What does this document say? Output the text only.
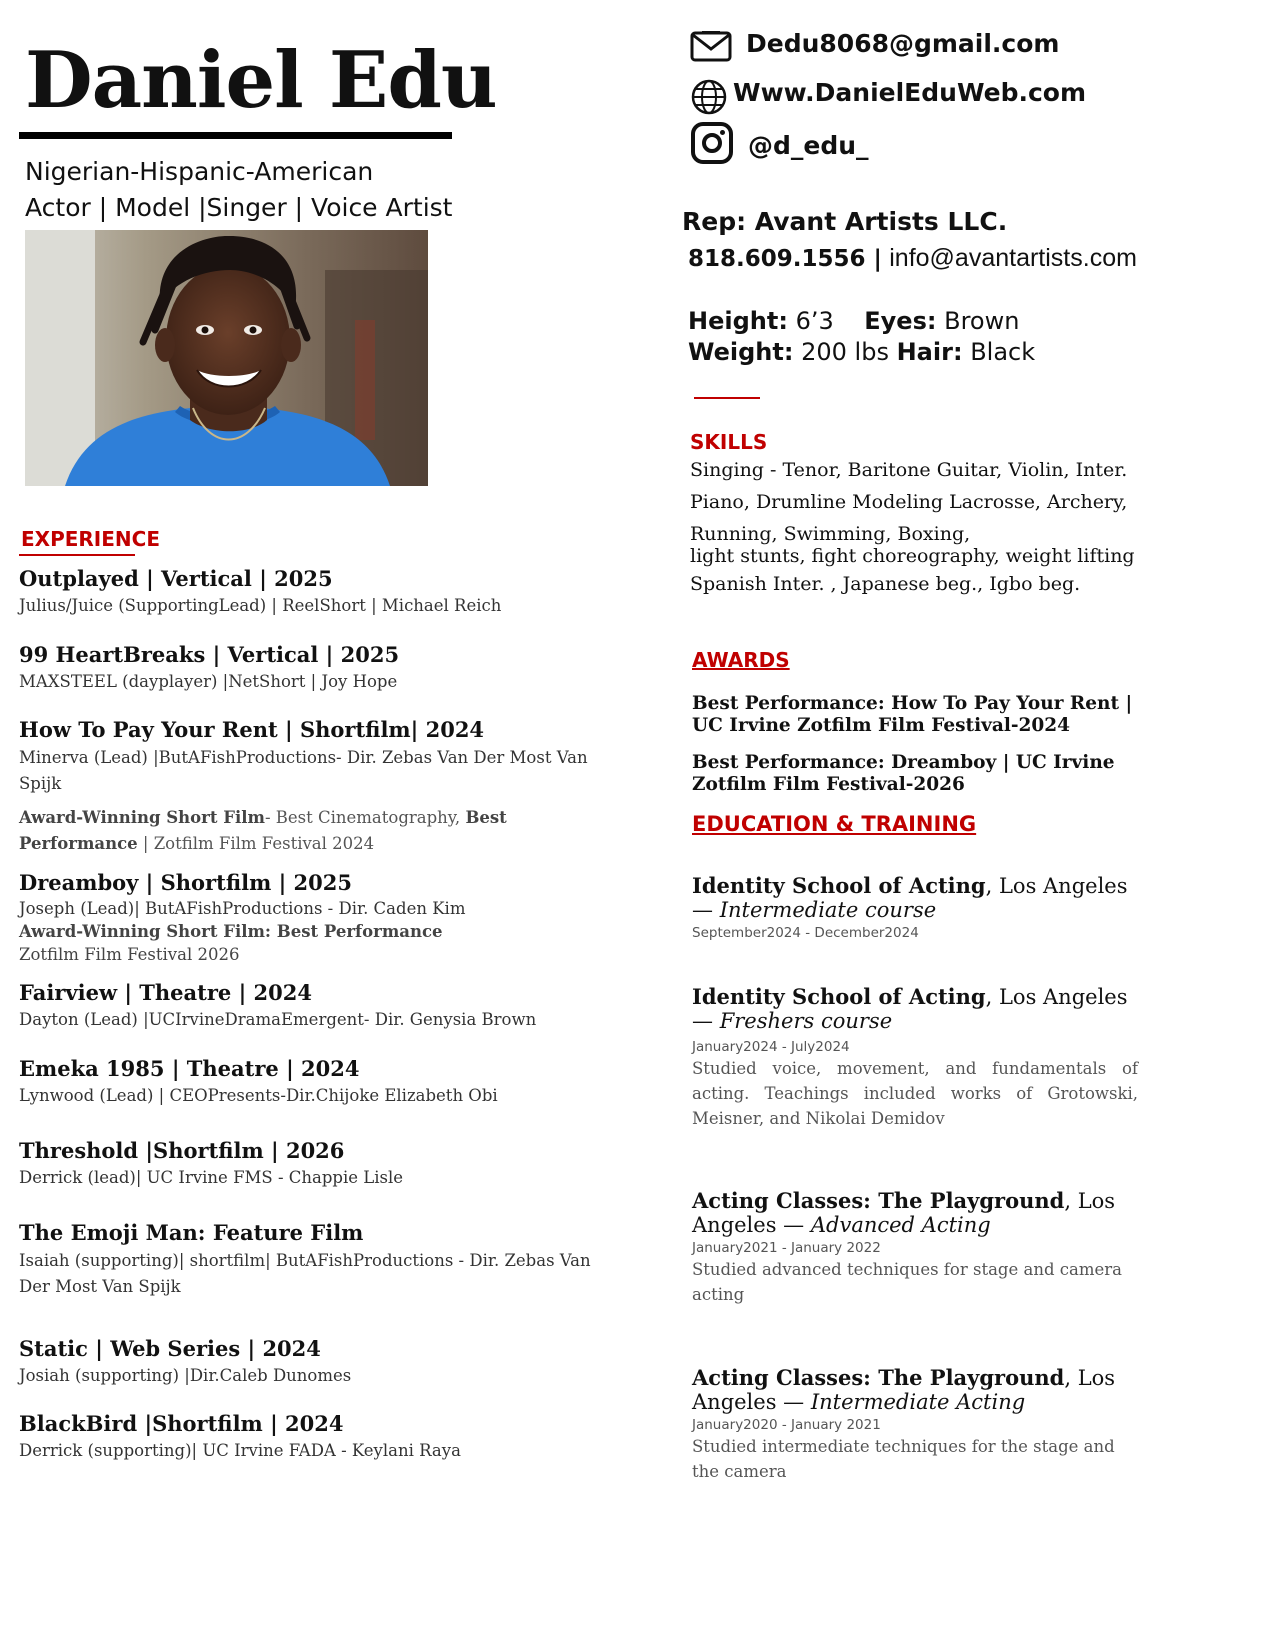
Daniel Edu
Nigerian-Hispanic-American
Actor | Model |Singer | Voice Artist
EXPERIENCE
Outplayed | Vertical | 2025
Julius/Juice (SupportingLead) | ReelShort | Michael Reich
99 HeartBreaks | Vertical | 2025
MAXSTEEL (dayplayer) |NetShort | Joy Hope
How To Pay Your Rent | Shortfilm| 2024
Minerva (Lead) |ButAFishProductions- Dir. Zebas Van Der Most Van Spijk
Award-Winning Short Film- Best Cinematography, Best Performance | Zotfilm Film Festival 2024
Dreamboy | Shortfilm | 2025
Joseph (Lead)| ButAFishProductions - Dir. Caden Kim
Award-Winning Short Film: Best Performance
Zotfilm Film Festival 2026
Fairview | Theatre | 2024
Dayton (Lead) |UCIrvineDramaEmergent- Dir. Genysia Brown
Emeka 1985 | Theatre | 2024
Lynwood (Lead) | CEOPresents-Dir.Chijoke Elizabeth Obi
Threshold |Shortfilm | 2026
Derrick (lead)| UC Irvine FMS - Chappie Lisle
The Emoji Man: Feature Film
Isaiah (supporting)| shortfilm| ButAFishProductions - Dir. Zebas Van Der Most Van Spijk
Static | Web Series | 2024
Josiah (supporting) |Dir.Caleb Dunomes
BlackBird |Shortfilm | 2024
Derrick (supporting)| UC Irvine FADA - Keylani Raya
Dedu8068@gmail.com
Www.DanielEduWeb.com
@d_edu_
Rep: Avant Artists LLC.
818.609.1556 | info@avantartists.com
Height: 6’3 Eyes: Brown
Weight: 200 lbs Hair: Black
SKILLS
Singing - Tenor, Baritone Guitar, Violin, Inter.
Piano, Drumline Modeling Lacrosse, Archery,
Running, Swimming, Boxing,
light stunts, fight choreography, weight lifting
Spanish Inter. , Japanese beg., Igbo beg.
AWARDS
Best Performance: How To Pay Your Rent | UC Irvine Zotfilm Film Festival-2024
Best Performance: Dreamboy | UC Irvine Zotfilm Film Festival-2026
EDUCATION & TRAINING
Identity School of Acting, Los Angeles — Intermediate course
September2024 - December2024
Identity School of Acting, Los Angeles — Freshers course
January2024 - July2024
Studied voice, movement, and fundamentals of acting. Teachings included works of Grotowski, Meisner, and Nikolai Demidov
Acting Classes: The Playground, Los Angeles — Advanced Acting
January2021 - January 2022
Studied advanced techniques for stage and camera acting
Acting Classes: The Playground, Los Angeles — Intermediate Acting
January2020 - January 2021
Studied intermediate techniques for the stage and the camera
